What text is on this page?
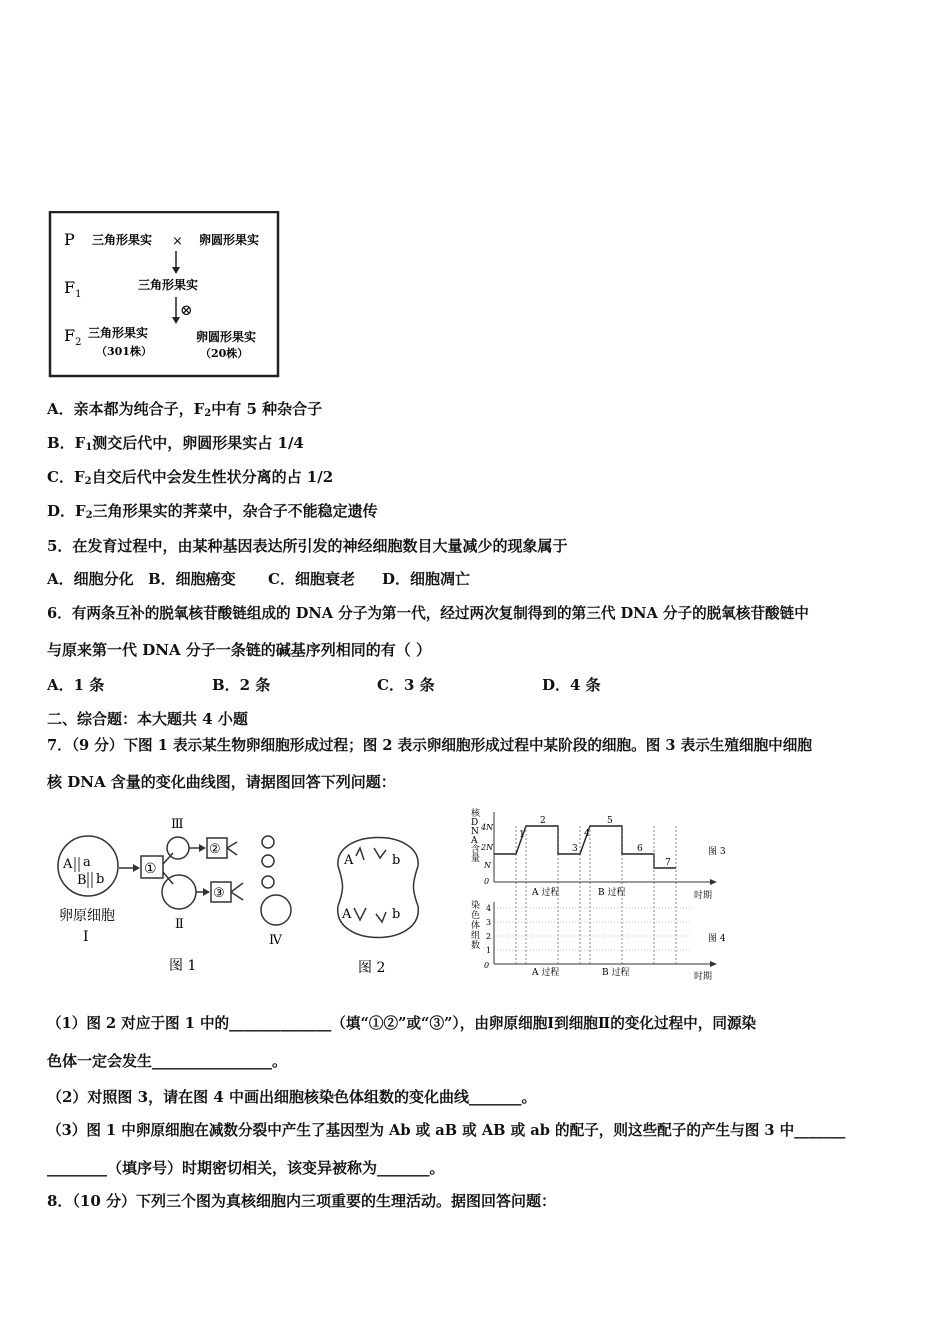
P 三角形果实 × 卵圆形果实
$F_1$
三角形果实
⊗
$F_2$
三角形果实
（301株）
卵圆形果实
（20株）
A．亲本都为纯合子，$F_2$中有 5 种杂合子
B．$F_1$测交后代中，卵圆形果实占 1/4
C．$F_2$自交后代中会发生性状分离的占 1/2
D．$F_2$三角形果实的荠菜中，杂合子不能稳定遗传
5．在发育过程中，由某种基因表达所引发的神经细胞数目大量减少的现象属于
A．细胞分化 B．细胞癌变 C．细胞衰老 D．细胞凋亡
6．有两条互补的脱氧核苷酸链组成的 DNA 分子为第一代，经过两次复制得到的第三代 DNA 分子的脱氧核苷酸链中
与原来第一代 DNA 分子一条链的碱基序列相同的有（ ）
A．1 条	B．2 条	C．3 条	D．4 条
二、综合题：本大题共 4 小题
7．（9 分）下图 1 表示某生物卵细胞形成过程；图 2 表示卵细胞形成过程中某阶段的细胞。图 3 表示生殖细胞中细胞
核 DNA 含量的变化曲线图，请据图回答下列问题：
A a
B b
卵原细胞
Ⅰ
①
Ⅲ
Ⅱ
②
③
Ⅳ
图 1
A	b
A	b
图 2
核 D N A 含量
4N
2N
N
0
1
2
3
4
5
6
7
A 过程	B 过程	时期
图 3
染色体组数
4
3
2
1
0
A 过程	B 过程	时期
图 4
（1）图 2 对应于图 1 中的______________（填“①②”或“③”），由卵原细胞Ⅰ到细胞Ⅱ的变化过程中，同源染
色体一定会发生________________。
（2）对照图 3，请在图 4 中画出细胞核染色体组数的变化曲线_______。
（3）图 1 中卵原细胞在减数分裂中产生了基因型为 Ab 或 aB 或 AB 或 ab 的配子，则这些配子的产生与图 3 中_______
________（填序号）时期密切相关，该变异被称为_______。
8．（10 分）下列三个图为真核细胞内三项重要的生理活动。据图回答问题：
